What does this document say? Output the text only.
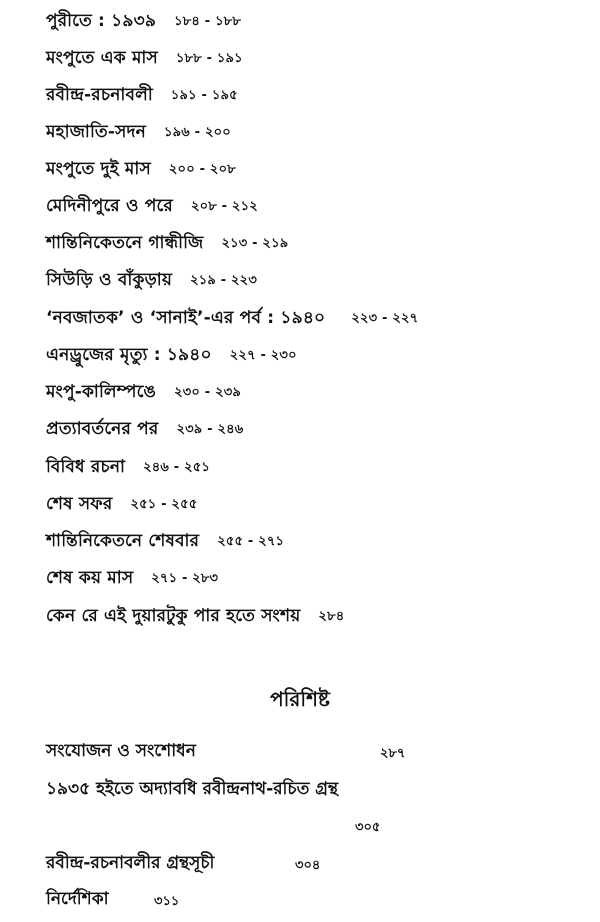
পুরীতে : ১৯৩৯ ১৮৪ - ১৮৮
মংপুতে এক মাস ১৮৮ - ১৯১
রবীন্দ্র-রচনাবলী ১৯১ - ১৯৫
মহাজাতি-সদন ১৯৬ - ২০০
মংপুতে দুই মাস ২০০ - ২০৮
মেদিনীপুরে ও পরে ২০৮ - ২১২
শান্তিনিকেতনে গান্ধীজি ২১৩ - ২১৯
সিউড়ি ও বাঁকুড়ায় ২১৯ - ২২৩
‘নবজাতক’ ও ‘সানাই’-এর পর্ব : ১৯৪০ ২২৩ - ২২৭
এনড্রুজের মৃত্যু : ১৯৪০ ২২৭ - ২৩০
মংপু-কালিম্পঙে ২৩০ - ২৩৯
প্রত্যাবর্তনের পর ২৩৯ - ২৪৬
বিবিধ রচনা ২৪৬ - ২৫১
শেষ সফর ২৫১ - ২৫৫
শান্তিনিকেতনে শেষবার ২৫৫ - ২৭১
শেষ কয় মাস ২৭১ - ২৮৩
কেন রে এই দুয়ারটুকু পার হতে সংশয় ২৮৪
পরিশিষ্ট
সংযোজন ও সংশোধন	২৮৭
১৯৩৫ হইতে অদ্যাবধি রবীন্দ্রনাথ-রচিত গ্রন্থ
৩০৫
রবীন্দ্র-রচনাবলীর গ্রন্থসূচী	৩০৪
নির্দেশিকা	৩১১
